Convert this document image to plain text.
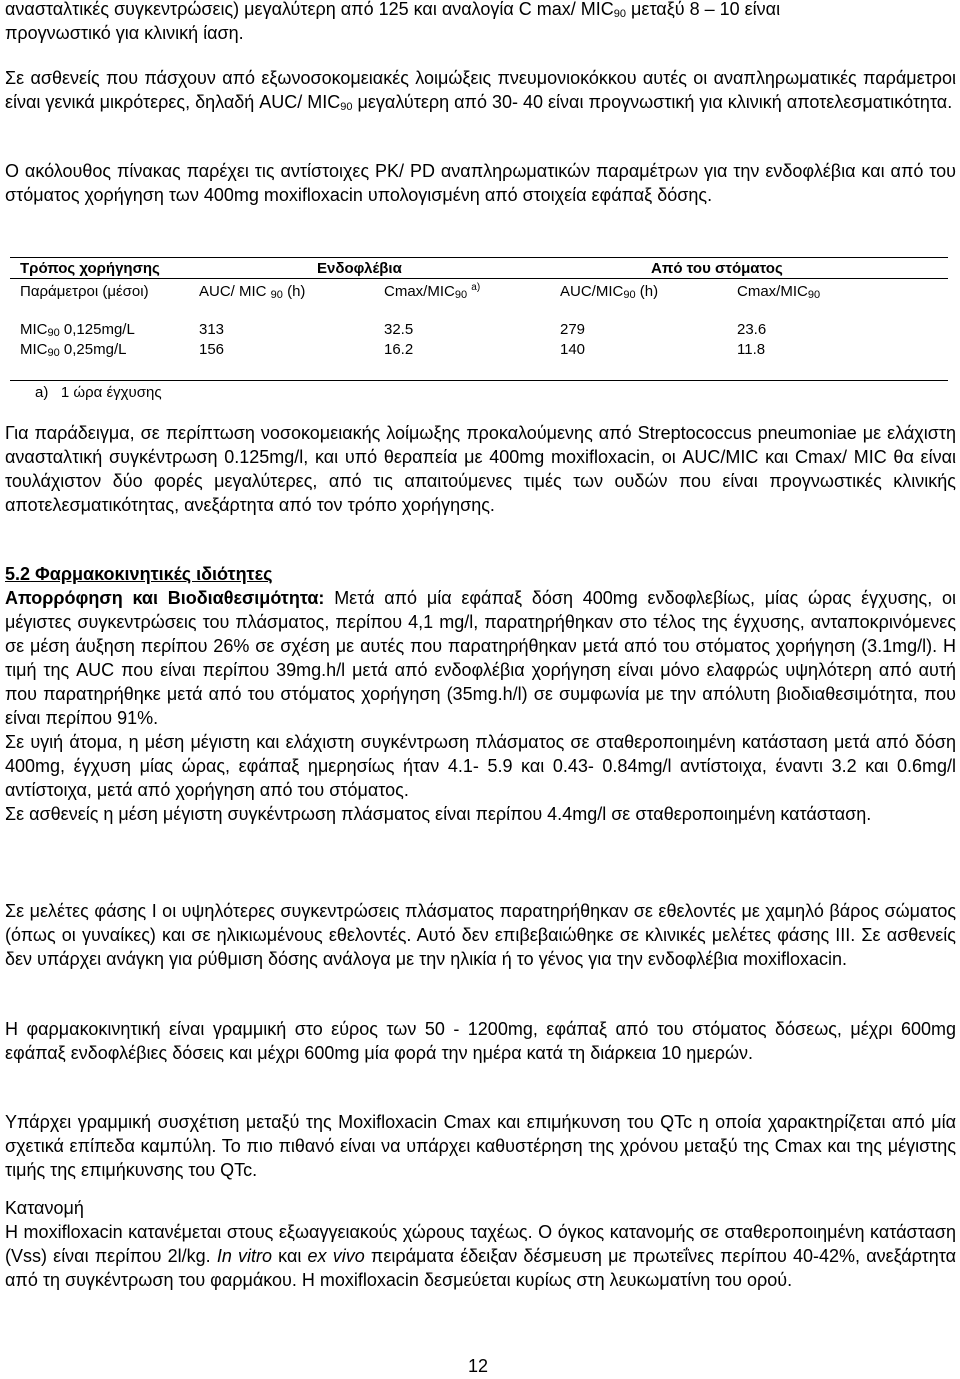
ανασταλτικές συγκεντρώσεις) μεγαλύτερη από 125 και αναλογία C max/ $MIC_{90}$ μεταξύ 8 – 10 είναι

προγνωστικό για κλινική ίαση.

Σε ασθενείς που πάσχουν από εξωνοσοκομειακές λοιμώξεις πνευμονιοκόκκου αυτές οι αναπληρωματικές παράμετροι είναι γενικά μικρότερες, δηλαδή AUC/ $MIC_{90}$ μεγαλύτερη από 30- 40 είναι προγνωστική για κλινική αποτελεσματικότητα.

Ο ακόλουθος πίνακας παρέχει τις αντίστοιχες PK/ PD αναπληρωματικών παραμέτρων για την ενδοφλέβια και από του στόματος χορήγηση των 400mg moxifloxacin υπολογισμένη από στοιχεία εφάπαξ δόσης.

Τρόπος χορήγησης	Ενδοφλέβια	Από του στόματος
Παράμετροι (μέσοι)	AUC/ MIC $_{90}$ (h)	Cmax/$MIC_{90}$ $^{a)}$	AUC/$MIC_{90}$ (h)	Cmax/$MIC_{90}$
$MIC_{90}$ 0,125mg/L	313	32.5	279	23.6
$MIC_{90}$ 0,25mg/L	156	16.2	140	11.8
a) 1 ώρα έγχυσης

Για παράδειγμα, σε περίπτωση νοσοκομειακής λοίμωξης προκαλούμενης από Streptococcus pneumoniae με ελάχιστη ανασταλτική συγκέντρωση 0.125mg/l, και υπό θεραπεία με 400mg moxifloxacin, οι AUC/MIC και Cmax/ MIC θα είναι τουλάχιστον δύο φορές μεγαλύτερες, από τις απαιτούμενες τιμές των ουδών που είναι προγνωστικές κλινικής αποτελεσματικότητας, ανεξάρτητα από τον τρόπο χορήγησης.

5.2 Φαρμακοκινητικές ιδιότητες

Απορρόφηση και Βιοδιαθεσιμότητα: Μετά από μία εφάπαξ δόση 400mg ενδοφλεβίως, μίας ώρας έγχυσης, οι μέγιστες συγκεντρώσεις του πλάσματος, περίπου 4,1 mg/l, παρατηρήθηκαν στο τέλος της έγχυσης, ανταποκρινόμενες σε μέση άυξηση περίπου 26% σε σχέση με αυτές που παρατηρήθηκαν μετά από του στόματος χορήγηση (3.1mg/l). Η τιμή της AUC που είναι περίπου 39mg.h/l μετά από ενδοφλέβια χορήγηση είναι μόνο ελαφρώς υψηλότερη από αυτή που παρατηρήθηκε μετά από του στόματος χορήγηση (35mg.h/l) σε συμφωνία με την απόλυτη βιοδιαθεσιμότητα, που είναι περίπου 91%.

Σε υγιή άτομα, η μέση μέγιστη και ελάχιστη συγκέντρωση πλάσματος σε σταθεροποιημένη κατάσταση μετά από δόση 400mg, έγχυση μίας ώρας, εφάπαξ ημερησίως ήταν 4.1- 5.9 και 0.43- 0.84mg/l αντίστοιχα, έναντι 3.2 και 0.6mg/l αντίστοιχα, μετά από χορήγηση από του στόματος.

Σε ασθενείς η μέση μέγιστη συγκέντρωση πλάσματος είναι περίπου 4.4mg/l σε σταθεροποιημένη κατάσταση.

Σε μελέτες φάσης Ι οι υψηλότερες συγκεντρώσεις πλάσματος παρατηρήθηκαν σε εθελοντές με χαμηλό βάρος σώματος (όπως οι γυναίκες) και σε ηλικιωμένους εθελοντές. Αυτό δεν επιβεβαιώθηκε σε κλινικές μελέτες φάσης ΙΙΙ. Σε ασθενείς δεν υπάρχει ανάγκη για ρύθμιση δόσης ανάλογα με την ηλικία ή το γένος για την ενδοφλέβια moxifloxacin.

Η φαρμακοκινητική είναι γραμμική στο εύρος των 50 - 1200mg, εφάπαξ από του στόματος δόσεως, μέχρι 600mg εφάπαξ ενδοφλέβιες δόσεις και μέχρι 600mg μία φορά την ημέρα κατά τη διάρκεια 10 ημερών.

Υπάρχει γραμμική συσχέτιση μεταξύ της Moxifloxacin Cmax και επιμήκυνση του QTc η οποία χαρακτηρίζεται από μία σχετικά επίπεδα καμπύλη. Το πιο πιθανό είναι να υπάρχει καθυστέρηση της χρόνου μεταξύ της Cmax και της μέγιστης τιμής της επιμήκυνσης του QTc.

Κατανομή

Η moxifloxacin κατανέμεται στους εξωαγγειακούς χώρους ταχέως. Ο όγκος κατανομής σε σταθεροποιημένη κατάσταση (Vss) είναι περίπου 2l/kg. In vitro και ex vivo πειράματα έδειξαν δέσμευση με πρωτεΐνες περίπου 40-42%, ανεξάρτητα από τη συγκέντρωση του φαρμάκου. Η moxifloxacin δεσμεύεται κυρίως στη λευκωματίνη του ορού.

12
